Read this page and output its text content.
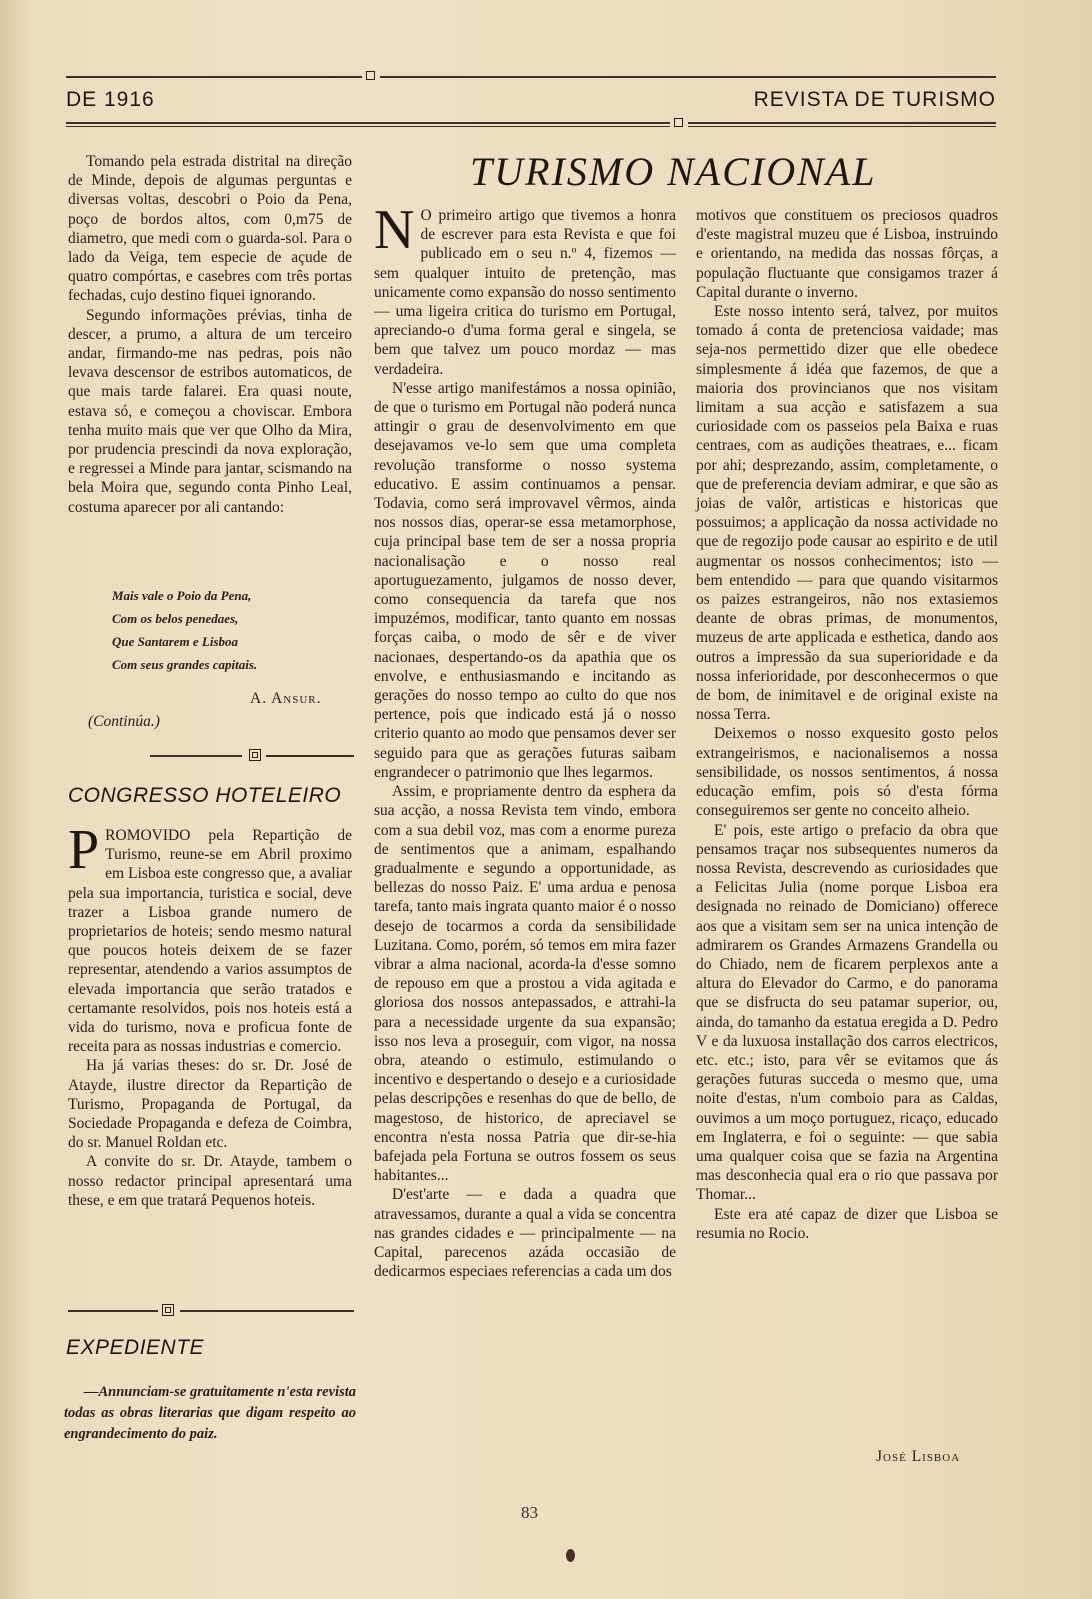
DE 1916	REVISTA DE TURISMO
TURISMO NACIONAL

Tomando pela estrada distrital na direção de Minde, depois de algumas perguntas e diversas voltas, descobri o Poio da Pena, poço de bordos altos, com 0,m75 de diametro, que medi com o guarda-sol. Para o lado da Veiga, tem especie de açude de quatro compórtas, e casebres com três portas fechadas, cujo destino fiquei ignorando.

Segundo informações prévias, tinha de descer, a prumo, a altura de um terceiro andar, firmando-me nas pedras, pois não levava descensor de estribos automaticos, de que mais tarde falarei. Era quasi noute, estava só, e começou a choviscar. Embora tenha muito mais que ver que Olho da Mira, por prudencia prescindi da nova exploração, e regressei a Minde para jantar, scismando na bela Moira que, segundo conta Pinho Leal, costuma aparecer por ali cantando:

Mais vale o Poio da Pena,
Com os belos penedaes,
Que Santarem e Lisboa
Com seus grandes capitais.
A. Ansur.
(Continúa.)
CONGRESSO HOTELEIRO

PROMOVIDO pela Repartição de Turismo, reune-se em Abril proximo em Lisboa este congresso que, a avaliar pela sua importancia, turistica e social, deve trazer a Lisboa grande numero de proprietarios de hoteis; sendo mesmo natural que poucos hoteis deixem de se fazer representar, atendendo a varios assumptos de elevada importancia que serão tratados e certamante resolvidos, pois nos hoteis está a vida do turismo, nova e proficua fonte de receita para as nossas industrias e comercio.

Ha já varias theses: do sr. Dr. José de Atayde, ilustre director da Repartição de Turismo, Propaganda de Portugal, da Sociedade Propaganda e defeza de Coimbra, do sr. Manuel Roldan etc.

A convite do sr. Dr. Atayde, tambem o nosso redactor principal apresentará uma these, e em que tratará Pequenos hoteis.

EXPEDIENTE

—Annunciam-se gratuitamente n'esta revista todas as obras literarias que digam respeito ao engrandecimento do paiz.

N O primeiro artigo que tivemos a honra de escrever para esta Revista e que foi publicado em o seu n.º 4, fizemos — sem qualquer intuito de pretenção, mas unicamente como expansão do nosso sentimento — uma ligeira critica do turismo em Portugal, apreciando-o d'uma forma geral e singela, se bem que talvez um pouco mordaz — mas verdadeira.

N'esse artigo manifestámos a nossa opinião, de que o turismo em Portugal não poderá nunca attingir o grau de desenvolvimento em que desejavamos ve-lo sem que uma completa revolução transforme o nosso systema educativo. E assim continuamos a pensar. Todavia, como será improvavel vêrmos, ainda nos nossos dias, operar-se essa metamorphose, cuja principal base tem de ser a nossa propria nacionalisação e o nosso real aportuguezamento, julgamos de nosso dever, como consequencia da tarefa que nos impuzémos, modificar, tanto quanto em nossas forças caiba, o modo de sêr e de viver nacionaes, despertando-os da apathia que os envolve, e enthusiasmando e incitando as gerações do nosso tempo ao culto do que nos pertence, pois que indicado está já o nosso criterio quanto ao modo que pensamos dever ser seguido para que as gerações futuras saibam engrandecer o patrimonio que lhes legarmos.

Assim, e propriamente dentro da esphera da sua acção, a nossa Revista tem vindo, embora com a sua debil voz, mas com a enorme pureza de sentimentos que a animam, espalhando gradualmente e segundo a opportunidade, as bellezas do nosso Paiz. E' uma ardua e penosa tarefa, tanto mais ingrata quanto maior é o nosso desejo de tocarmos a corda da sensibilidade Luzitana. Como, porém, só temos em mira fazer vibrar a alma nacional, acorda-la d'esse somno de repouso em que a prostou a vida agitada e gloriosa dos nossos antepassados, e attrahi-la para a necessidade urgente da sua expansão; isso nos leva a proseguir, com vigor, na nossa obra, ateando o estimulo, estimulando o incentivo e despertando o desejo e a curiosidade pelas descripções e resenhas do que de bello, de magestoso, de historico, de apreciavel se encontra n'esta nossa Patria que dir-se-hia bafejada pela Fortuna se outros fossem os seus habitantes...

D'est'arte — e dada a quadra que atravessamos, durante a qual a vida se concentra nas grandes cidades e — principalmente — na Capital, parecenos azáda occasião de dedicarmos especiaes referencias a cada um dos

motivos que constituem os preciosos quadros d'este magistral muzeu que é Lisboa, instruindo e orientando, na medida das nossas fôrças, a população fluctuante que consigamos trazer á Capital durante o inverno.

Este nosso intento será, talvez, por muitos tomado á conta de pretenciosa vaidade; mas seja-nos permettido dizer que elle obedece simplesmente á idéa que fazemos, de que a maioria dos provincianos que nos visitam limitam a sua acção e satisfazem a sua curiosidade com os passeios pela Baixa e ruas centraes, com as audições theatraes, e... ficam por ahi; desprezando, assim, completamente, o que de preferencia deviam admirar, e que são as joias de valôr, artisticas e historicas que possuimos; a applicação da nossa actividade no que de regozijo pode causar ao espirito e de util augmentar os nossos conhecimentos; isto — bem entendido — para que quando visitarmos os paizes estrangeiros, não nos extasiemos deante de obras primas, de monumentos, muzeus de arte applicada e esthetica, dando aos outros a impressão da sua superioridade e da nossa inferioridade, por desconhecermos o que de bom, de inimitavel e de original existe na nossa Terra.

Deixemos o nosso exquesito gosto pelos extrangeirismos, e nacionalisemos a nossa sensibilidade, os nossos sentimentos, á nossa educação emfim, pois só d'esta fórma conseguiremos ser gente no conceito alheio.

E' pois, este artigo o prefacio da obra que pensamos traçar nos subsequentes numeros da nossa Revista, descrevendo as curiosidades que a Felicitas Julia (nome porque Lisboa era designada no reinado de Domiciano) offerece aos que a visitam sem ser na unica intenção de admirarem os Grandes Armazens Grandella ou do Chiado, nem de ficarem perplexos ante a altura do Elevador do Carmo, e do panorama que se disfructa do seu patamar superior, ou, ainda, do tamanho da estatua eregida a D. Pedro V e da luxuosa installação dos carros electricos, etc. etc.; isto, para vêr se evitamos que ás gerações futuras succeda o mesmo que, uma noite d'estas, n'um comboio para as Caldas, ouvimos a um moço portuguez, ricaço, educado em Inglaterra, e foi o seguinte: — que sabia uma qualquer coisa que se fazia na Argentina mas desconhecia qual era o rio que passava por Thomar...

Este era até capaz de dizer que Lisboa se resumia no Rocio.

José Lisboa
83
